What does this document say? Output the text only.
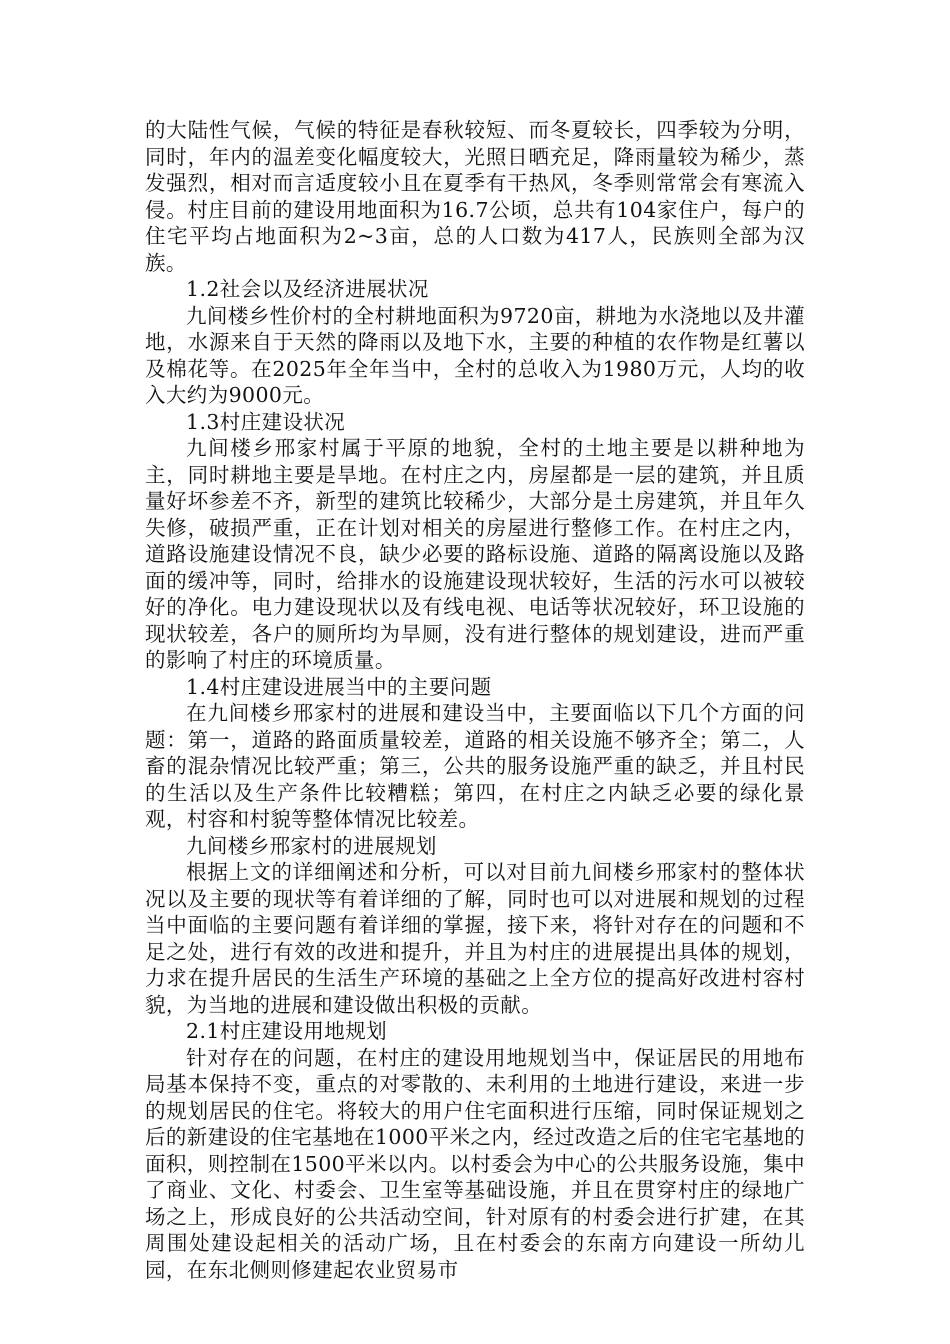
的大陆性气候，气候的特征是春秋较短、而冬夏较长，四季较为分明，同时，年内的温差变化幅度较大，光照日晒充足，降雨量较为稀少，蒸发强烈，相对而言适度较小且在夏季有干热风，冬季则常常会有寒流入侵。村庄目前的建设用地面积为16.7公顷，总共有104家住户，每户的住宅平均占地面积为2~3亩，总的人口数为417人，民族则全部为汉族。

1.2社会以及经济进展状况

九间楼乡性价村的全村耕地面积为9720亩，耕地为水浇地以及井灌地，水源来自于天然的降雨以及地下水，主要的种植的农作物是红薯以及棉花等。在2025年全年当中，全村的总收入为1980万元，人均的收入大约为9000元。

1.3村庄建设状况

九间楼乡邢家村属于平原的地貌，全村的土地主要是以耕种地为主，同时耕地主要是旱地。在村庄之内，房屋都是一层的建筑，并且质量好坏参差不齐，新型的建筑比较稀少，大部分是土房建筑，并且年久失修，破损严重，正在计划对相关的房屋进行整修工作。在村庄之内，道路设施建设情况不良，缺少必要的路标设施、道路的隔离设施以及路面的缓冲等，同时，给排水的设施建设现状较好，生活的污水可以被较好的净化。电力建设现状以及有线电视、电话等状况较好，环卫设施的现状较差，各户的厕所均为旱厕，没有进行整体的规划建设，进而严重的影响了村庄的环境质量。

1.4村庄建设进展当中的主要问题

在九间楼乡邢家村的进展和建设当中，主要面临以下几个方面的问题：第一，道路的路面质量较差，道路的相关设施不够齐全；第二，人畜的混杂情况比较严重；第三，公共的服务设施严重的缺乏，并且村民的生活以及生产条件比较糟糕；第四，在村庄之内缺乏必要的绿化景观，村容和村貌等整体情况比较差。

九间楼乡邢家村的进展规划

根据上文的详细阐述和分析，可以对目前九间楼乡邢家村的整体状况以及主要的现状等有着详细的了解，同时也可以对进展和规划的过程当中面临的主要问题有着详细的掌握，接下来，将针对存在的问题和不足之处，进行有效的改进和提升，并且为村庄的进展提出具体的规划，力求在提升居民的生活生产环境的基础之上全方位的提高好改进村容村貌，为当地的进展和建设做出积极的贡献。

2.1村庄建设用地规划

针对存在的问题，在村庄的建设用地规划当中，保证居民的用地布局基本保持不变，重点的对零散的、未利用的土地进行建设，来进一步的规划居民的住宅。将较大的用户住宅面积进行压缩，同时保证规划之后的新建设的住宅基地在1000平米之内，经过改造之后的住宅宅基地的面积，则控制在1500平米以内。以村委会为中心的公共服务设施，集中了商业、文化、村委会、卫生室等基础设施，并且在贯穿村庄的绿地广场之上，形成良好的公共活动空间，针对原有的村委会进行扩建，在其周围处建设起相关的活动广场，且在村委会的东南方向建设一所幼儿园，在东北侧则修建起农业贸易市
